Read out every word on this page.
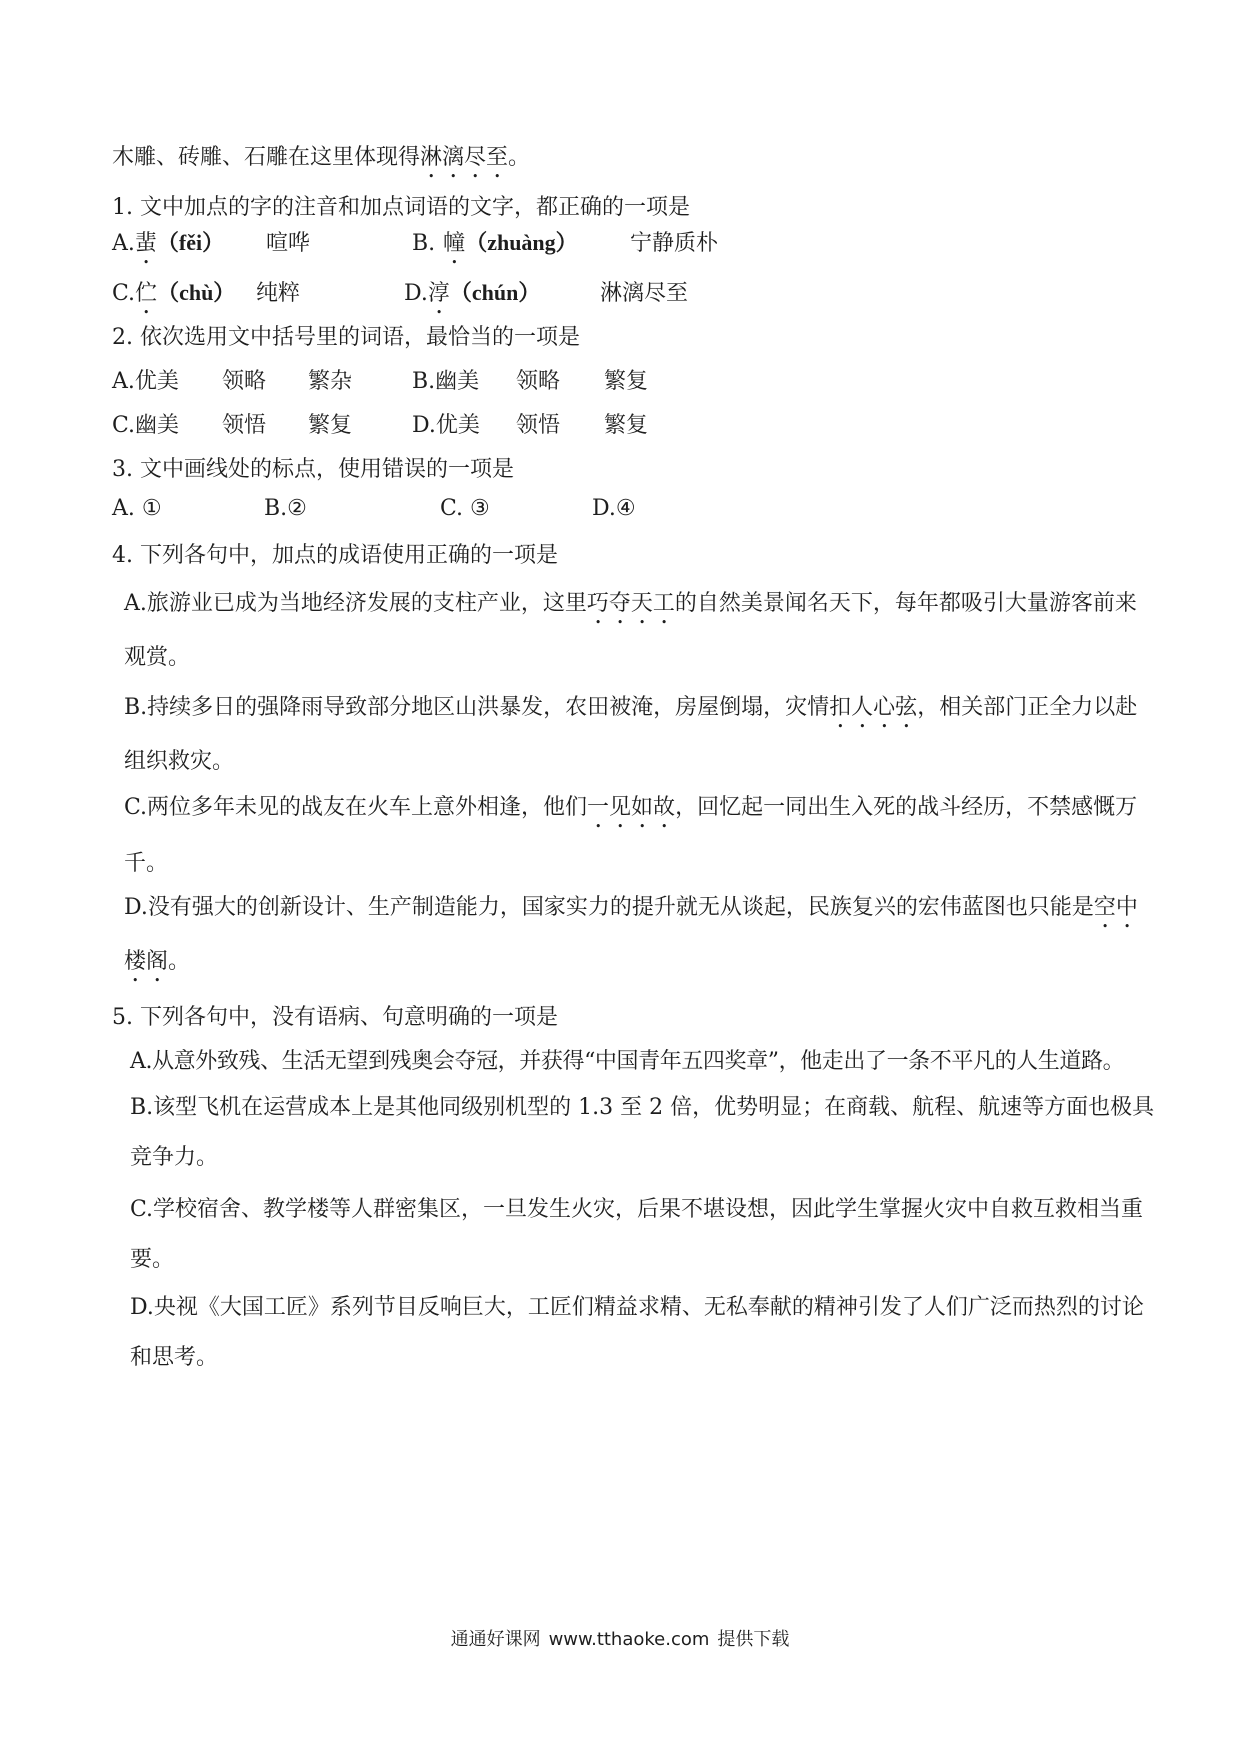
木雕、砖雕、石雕在这里体现得淋漓尽至。
1. 文中加点的字的注音和加点词语的文字，都正确的一项是
A.蜚（fěi） 喧哗	B. 幢（zhuàng） 宁静质朴
C.伫（chù） 纯粹	D.淳（chún）	淋漓尽至
2. 依次选用文中括号里的词语，最恰当的一项是
A.优美 领略 繁杂	B.幽美 领略 繁复
C.幽美 领悟 繁复	D.优美 领悟 繁复
3. 文中画线处的标点，使用错误的一项是
A. ①	B.②	C. ③	D.④
4. 下列各句中，加点的成语使用正确的一项是
A.旅游业已成为当地经济发展的支柱产业，这里巧夺天工的自然美景闻名天下，每年都吸引大量游客前来
观赏。
B.持续多日的强降雨导致部分地区山洪暴发，农田被淹，房屋倒塌，灾情扣人心弦，相关部门正全力以赴
组织救灾。
C.两位多年未见的战友在火车上意外相逢，他们一见如故，回忆起一同出生入死的战斗经历，不禁感慨万
千。
D.没有强大的创新设计、生产制造能力，国家实力的提升就无从谈起，民族复兴的宏伟蓝图也只能是空中
楼阁。
5. 下列各句中，没有语病、句意明确的一项是
A.从意外致残、生活无望到残奥会夺冠，并获得“中国青年五四奖章”，他走出了一条不平凡的人生道路。
B.该型飞机在运营成本上是其他同级别机型的 1.3 至 2 倍，优势明显；在商载、航程、航速等方面也极具
竞争力。
C.学校宿舍、教学楼等人群密集区，一旦发生火灾，后果不堪设想，因此学生掌握火灾中自救互救相当重
要。
D.央视《大国工匠》系列节目反响巨大，工匠们精益求精、无私奉献的精神引发了人们广泛而热烈的讨论
和思考。
通通好课网 www.tthaoke.com 提供下载
